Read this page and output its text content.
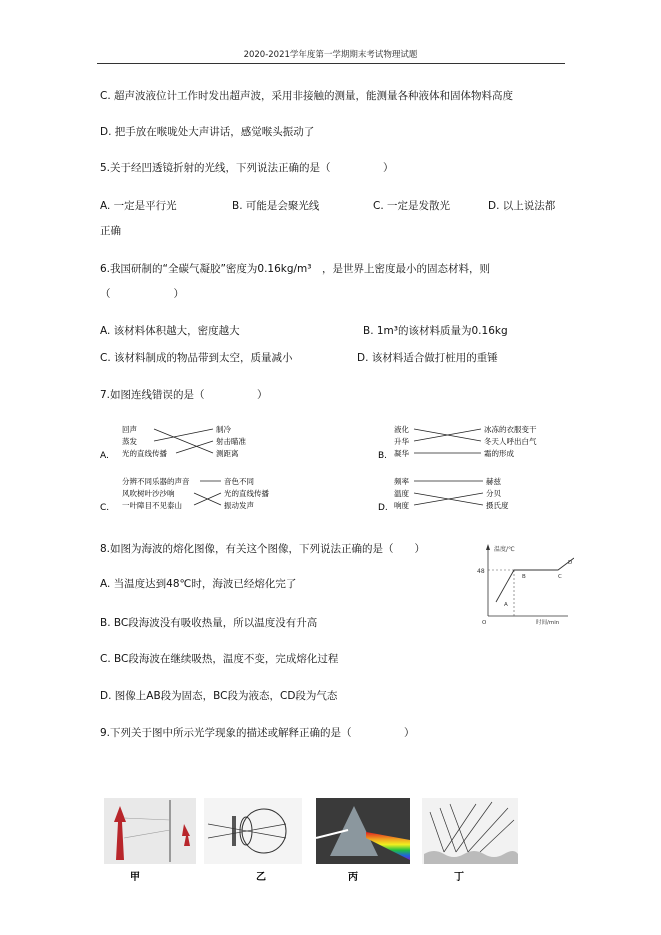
2020-2021学年度第一学期期末考试物理试题
C. 超声波液位计工作时发出超声波，采用非接触的测量，能测量各种液体和固体物料高度
D. 把手放在喉咙处大声讲话，感觉喉头振动了
5.关于经凹透镜折射的光线，下列说法正确的是（　　　　　）
A. 一定是平行光	B. 可能是会聚光线	C. 一定是发散光	D. 以上说法都
正确
6.我国研制的“全碳气凝胶”密度为0.16kg/m³　，是世界上密度最小的固态材料，则
（　　　　　　）
A. 该材料体积越大，密度越大	B. 1m³的该材料质量为0.16kg
C. 该材料制成的物品带到太空，质量减小	D. 该材料适合做打桩用的重锤
7.如图连线错误的是（　　　　　）
A.
回声
蒸发
光的直线传播
制冷
射击瞄准
测距离	B.
液化
升华
凝华
冰冻的衣服变干
冬天人呼出白气
霜的形成
C.
分辨不同乐器的声音
风吹树叶沙沙响
一叶障目不见泰山
音色不同
光的直线传播
振动发声	D.
频率
温度
响度
赫兹
分贝
摄氏度
8.如图为海波的熔化图像，有关这个图像，下列说法正确的是（　　）
A. 当温度达到48℃时，海波已经熔化完了
B. BC段海波没有吸收热量，所以温度没有升高
C. BC段海波在继续吸热，温度不变，完成熔化过程
D. 图像上AB段为固态，BC段为液态，CD段为气态
温度/℃
48
A
B	C
D
O	时间/min
9.下列关于图中所示光学现象的描述或解释正确的是（　　　　　）
甲	乙	丙	丁
